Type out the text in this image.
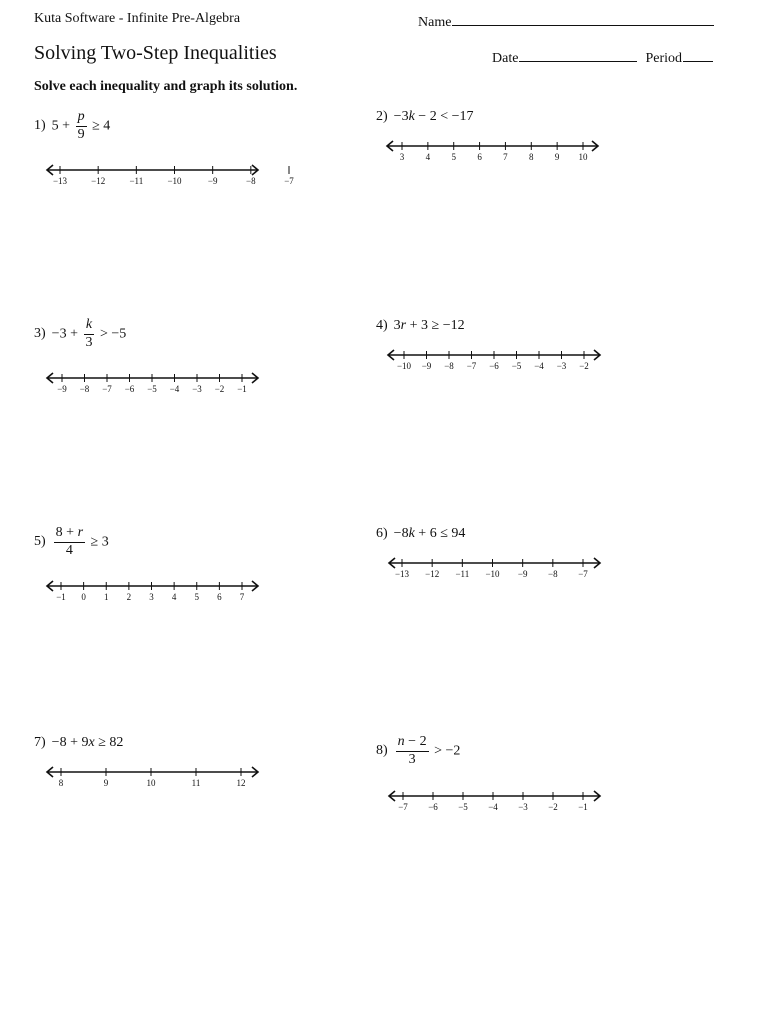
Kuta Software - Infinite Pre-Algebra	Name
Solving Two-Step Inequalities	Date	Period
Solve each inequality and graph its solution.
1) $5 + \frac{p}{9} \ge 4$
−13	−12	−11	−10	−9	−8	−7
2) −3k − 2 < −17
3 4 5 6 7 8 9 10
$3) -3 + \frac{k}{3} > -5$
−9 −8 −7 −6 −5 −4 −3 −2 −1
4) 3r + 3 ≥ −12
−10 −9 −8 −7 −6 −5 −4 −3 −2
$5) \frac{8 + r}{4} \ge 3$
−1 0 1 2 3 4 5 6 7
6) −8k + 6 ≤ 94
−13 −12 −11 −10 −9 −8 −7
7) −8 + 9x ≥ 82
8	9	10	11	12
$8) \frac{n - 2}{3} > -2$
−7 −6 −5 −4 −3 −2 −1
